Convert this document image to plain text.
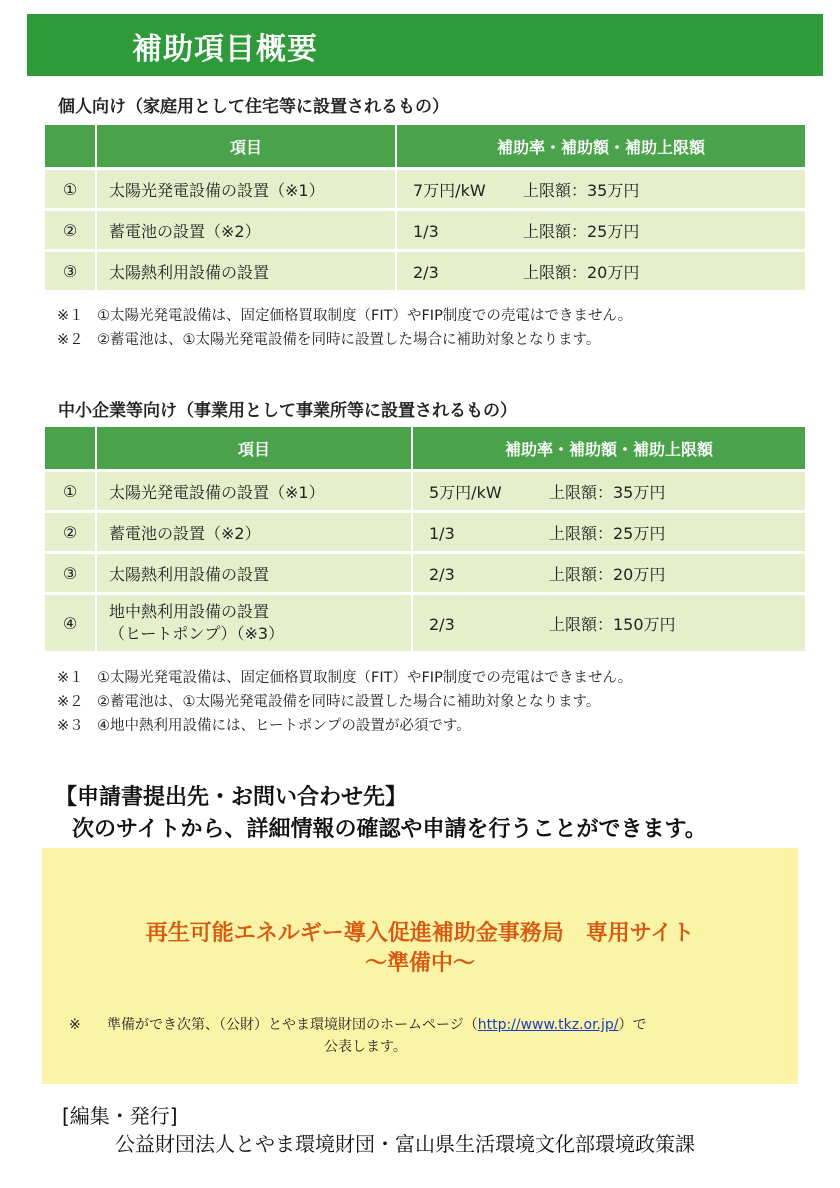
補助項目概要
個人向け（家庭用として住宅等に設置されるもの）
	項目	補助率・補助額・補助上限額
①	太陽光発電設備の設置（※1）	7万円/kW 上限額：35万円
②	蓄電池の設置（※2）	1/3 上限額：25万円
③	太陽熱利用設備の設置	2/3 上限額：20万円
※１ ①太陽光発電設備は、固定価格買取制度（FIT）やFIP制度での売電はできません。
※２ ②蓄電池は、①太陽光発電設備を同時に設置した場合に補助対象となります。
中小企業等向け（事業用として事業所等に設置されるもの）
	項目	補助率・補助額・補助上限額
①	太陽光発電設備の設置（※1）	5万円/kW 上限額：35万円
②	蓄電池の設置（※2）	1/3 上限額：25万円
③	太陽熱利用設備の設置	2/3 上限額：20万円
④	地中熱利用設備の設置
（ヒートポンプ）（※3）	2/3 上限額：150万円
※１ ①太陽光発電設備は、固定価格買取制度（FIT）やFIP制度での売電はできません。
※２ ②蓄電池は、①太陽光発電設備を同時に設置した場合に補助対象となります。
※３ ④地中熱利用設備には、ヒートポンプの設置が必須です。
【申請書提出先・お問い合わせ先】
次のサイトから、詳細情報の確認や申請を行うことができます。
再生可能エネルギー導入促進補助金事務局　専用サイト
～準備中～
※ 準備ができ次第、（公財）とやま環境財団のホームページ（http://www.tkz.or.jp/）で
公表します。
[編集・発行]
公益財団法人とやま環境財団・富山県生活環境文化部環境政策課
